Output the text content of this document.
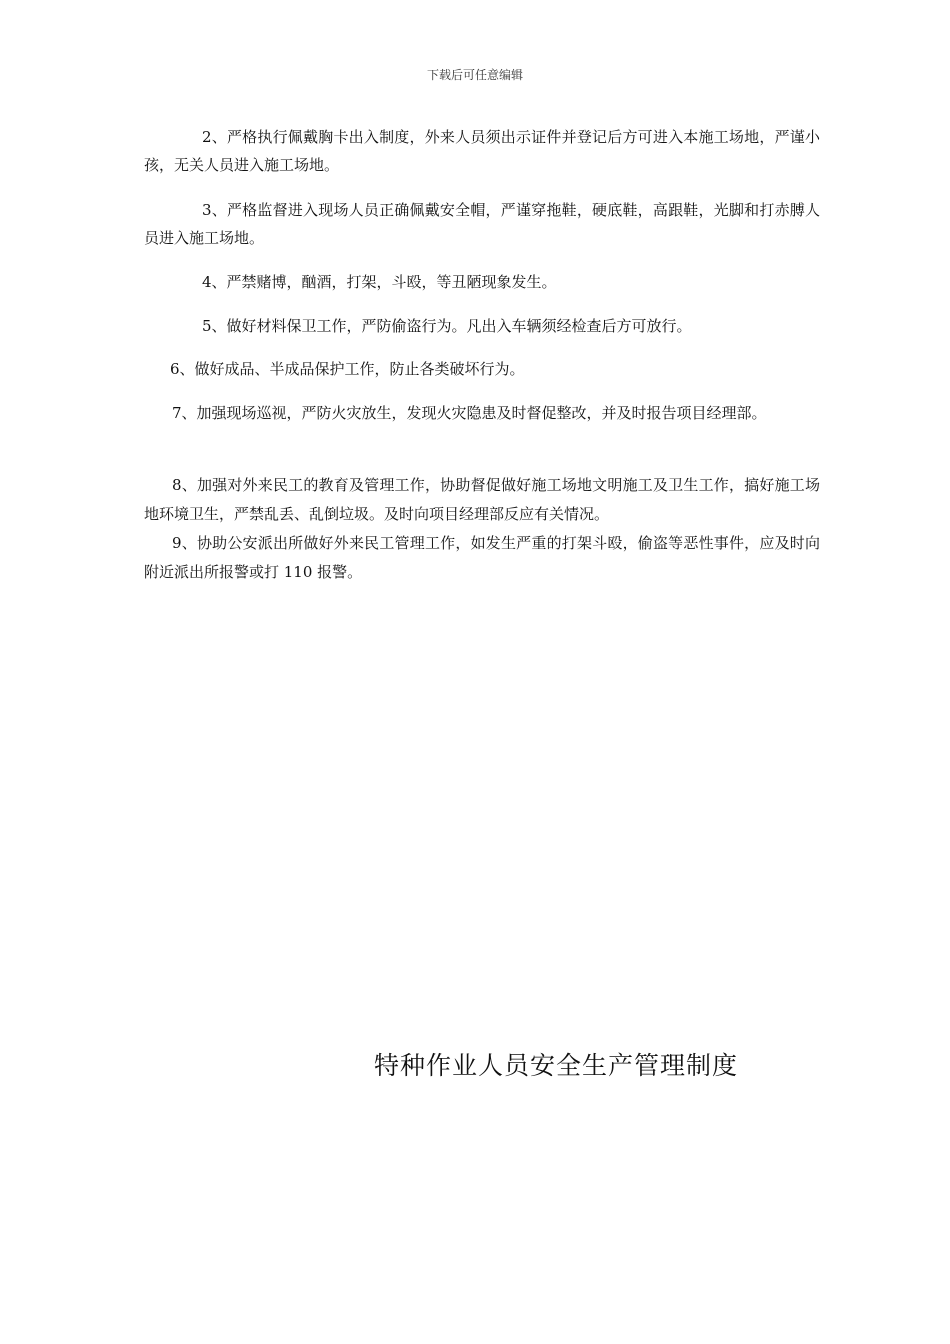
下载后可任意编辑
2、严格执行佩戴胸卡出入制度，外来人员须出示证件并登记后方可进入本施工场地，严谨小孩，无关人员进入施工场地。
3、严格监督进入现场人员正确佩戴安全帽，严谨穿拖鞋，硬底鞋，高跟鞋，光脚和打赤膊人员进入施工场地。
4、严禁赌博，酗酒，打架，斗殴，等丑陋现象发生。
5、做好材料保卫工作，严防偷盗行为。凡出入车辆须经检查后方可放行。
6、做好成品、半成品保护工作，防止各类破坏行为。
7、加强现场巡视，严防火灾放生，发现火灾隐患及时督促整改，并及时报告项目经理部。
8、加强对外来民工的教育及管理工作，协助督促做好施工场地文明施工及卫生工作，搞好施工场地环境卫生，严禁乱丢、乱倒垃圾。及时向项目经理部反应有关情况。
9、协助公安派出所做好外来民工管理工作，如发生严重的打架斗殴，偷盗等恶性事件，应及时向附近派出所报警或打 110 报警。
特种作业人员安全生产管理制度
